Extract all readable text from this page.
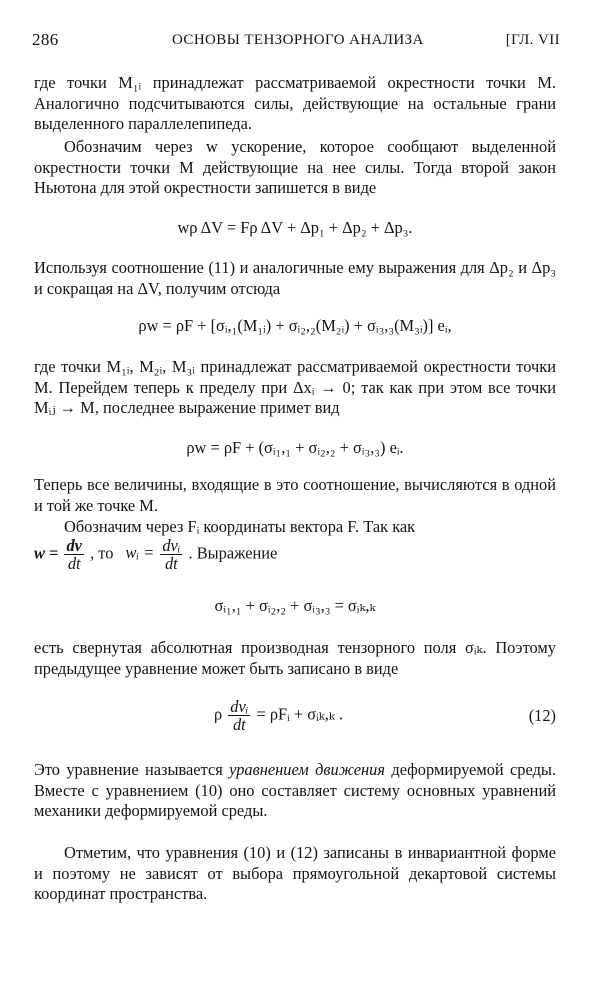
286	ОСНОВЫ ТЕНЗОРНОГО АНАЛИЗА	[ГЛ. VII

где точки M₁ᵢ принадлежат рассматриваемой окрестности точки M. Аналогично подсчитываются силы, действующие на остальные грани выделенного параллелепипеда.

Обозначим через w ускорение, которое сообщают выделенной окрестности точки M действующие на нее силы. Тогда второй закон Ньютона для этой окрестности запишется в виде

wρ ΔV = Fρ ΔV + Δp₁ + Δp₂ + Δp₃.

Используя соотношение (11) и аналогичные ему выражения для Δp₂ и Δp₃ и сокращая на ΔV, получим отсюда

ρw = ρF + [σᵢ,₁(M₁ᵢ) + σᵢ₂,₂(M₂ᵢ) + σᵢ₃,₃(M₃ᵢ)] eᵢ,

где точки M₁ᵢ, M₂ᵢ, M₃ᵢ принадлежат рассматриваемой окрестности точки M. Перейдем теперь к пределу при Δxᵢ → 0; так как при этом все точки Mᵢⱼ → M, последнее выражение примет вид

ρw = ρF + (σᵢ₁,₁ + σᵢ₂,₂ + σᵢ₃,₃) eᵢ.

Теперь все величины, входящие в это соотношение, вычисляются в одной и той же точке M.

Обозначим через Fᵢ координаты вектора F. Так как

$w = \frac{dv}{dt}$ , то wᵢ = $\frac{\text{dvᵢ}}{dt}$ . Выражение
σᵢ₁,₁ + σᵢ₂,₂ + σᵢ₃,₃ = σᵢₖ,ₖ

есть свернутая абсолютная производная тензорного поля σᵢₖ. Поэтому предыдущее уравнение может быть записано в виде

ρ $\frac{\text{dvᵢ}}{dt}$ = ρFᵢ + σᵢₖ,ₖ .	(12)

Это уравнение называется уравнением движения деформируемой среды. Вместе с уравнением (10) оно составляет систему основных уравнений механики деформируемой среды.

Отметим, что уравнения (10) и (12) записаны в инвариантной форме и поэтому не зависят от выбора прямоугольной декартовой системы координат пространства.
